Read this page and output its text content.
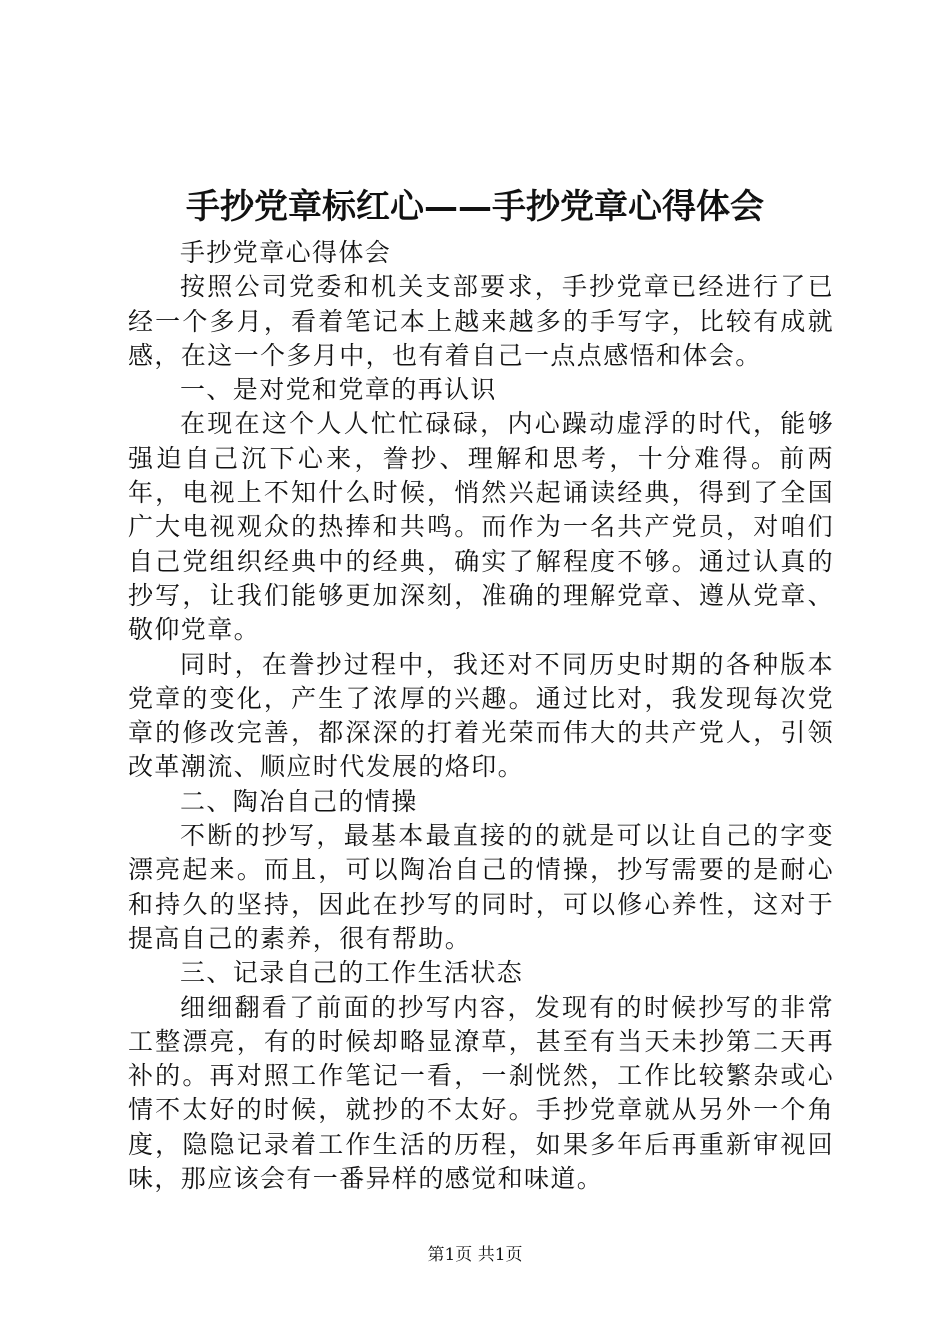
手抄党章标红心——手抄党章心得体会

手抄党章心得体会

按照公司党委和机关支部要求，手抄党章已经进行了已经一个多月，看着笔记本上越来越多的手写字，比较有成就感，在这一个多月中，也有着自己一点点感悟和体会。

一、是对党和党章的再认识

在现在这个人人忙忙碌碌，内心躁动虚浮的时代，能够强迫自己沉下心来，誊抄、理解和思考，十分难得。前两年，电视上不知什么时候，悄然兴起诵读经典，得到了全国广大电视观众的热捧和共鸣。而作为一名共产党员，对咱们自己党组织经典中的经典，确实了解程度不够。通过认真的抄写，让我们能够更加深刻，准确的理解党章、遵从党章、敬仰党章。

同时，在誊抄过程中，我还对不同历史时期的各种版本党章的变化，产生了浓厚的兴趣。通过比对，我发现每次党章的修改完善，都深深的打着光荣而伟大的共产党人，引领改革潮流、顺应时代发展的烙印。

二、陶冶自己的情操

不断的抄写，最基本最直接的的就是可以让自己的字变漂亮起来。而且，可以陶冶自己的情操，抄写需要的是耐心和持久的坚持，因此在抄写的同时，可以修心养性，这对于提高自己的素养，很有帮助。

三、记录自己的工作生活状态

细细翻看了前面的抄写内容，发现有的时候抄写的非常工整漂亮，有的时候却略显潦草，甚至有当天未抄第二天再补的。再对照工作笔记一看，一刹恍然，工作比较繁杂或心情不太好的时候，就抄的不太好。手抄党章就从另外一个角度，隐隐记录着工作生活的历程，如果多年后再重新审视回味，那应该会有一番异样的感觉和味道。

第1页 共1页
